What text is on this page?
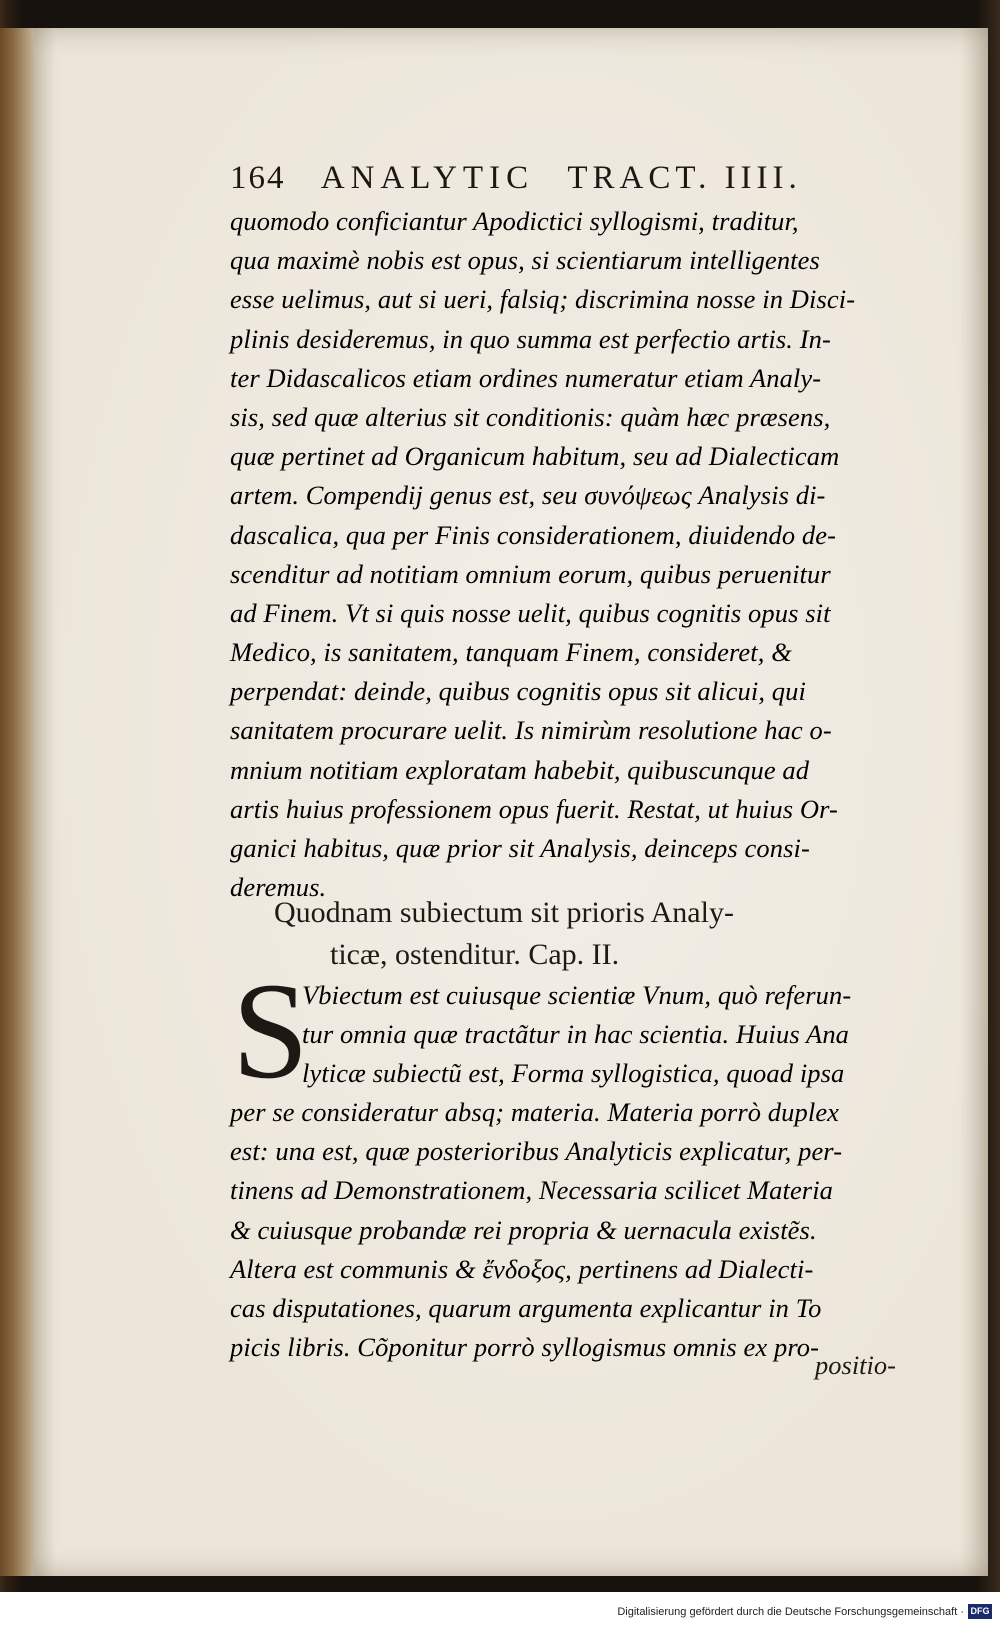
164 ANALYTIC TRACT. IIII.
quomodo conficiantur Apodictici syllogismi, traditur,
qua maximè nobis est opus, si scientiarum intelligentes
esse uelimus, aut si ueri, falsiq; discrimina nosse in Disci-
plinis desideremus, in quo summa est perfectio artis. In-
ter Didascalicos etiam ordines numeratur etiam Analy-
sis, sed quæ alterius sit conditionis: quàm hæc præsens,
quæ pertinet ad Organicum habitum, seu ad Dialecticam
artem. Compendij genus est, seu συνόψεως Analysis di-
dascalica, qua per Finis considerationem, diuidendo de-
scenditur ad notitiam omnium eorum, quibus peruenitur
ad Finem. Vt si quis nosse uelit, quibus cognitis opus sit
Medico, is sanitatem, tanquam Finem, consideret, &
perpendat: deinde, quibus cognitis opus sit alicui, qui
sanitatem procurare uelit. Is nimirùm resolutione hac o-
mnium notitiam exploratam habebit, quibuscunque ad
artis huius professionem opus fuerit. Restat, ut huius Or-
ganici habitus, quæ prior sit Analysis, deinceps consi-
deremus.
Quodnam subiectum sit prioris Analy-
ticæ, ostenditur. Cap. II.
S
Vbiectum est cuiusque scientiæ Vnum, quò referun-
tur omnia quæ tractãtur in hac scientia. Huius Ana
lyticæ subiectũ est, Forma syllogistica, quoad ipsa
per se consideratur absq; materia. Materia porrò duplex
est: una est, quæ posterioribus Analyticis explicatur, per-
tinens ad Demonstrationem, Necessaria scilicet Materia
& cuiusque probandæ rei propria & uernacula existẽs.
Altera est communis & ἔνδοξος, pertinens ad Dialecti-
cas disputationes, quarum argumenta explicantur in To
picis libris. Cõponitur porrò syllogismus omnis ex pro-
positio-
Digitalisierung gefördert durch die Deutsche Forschungsgemeinschaft · DFG
